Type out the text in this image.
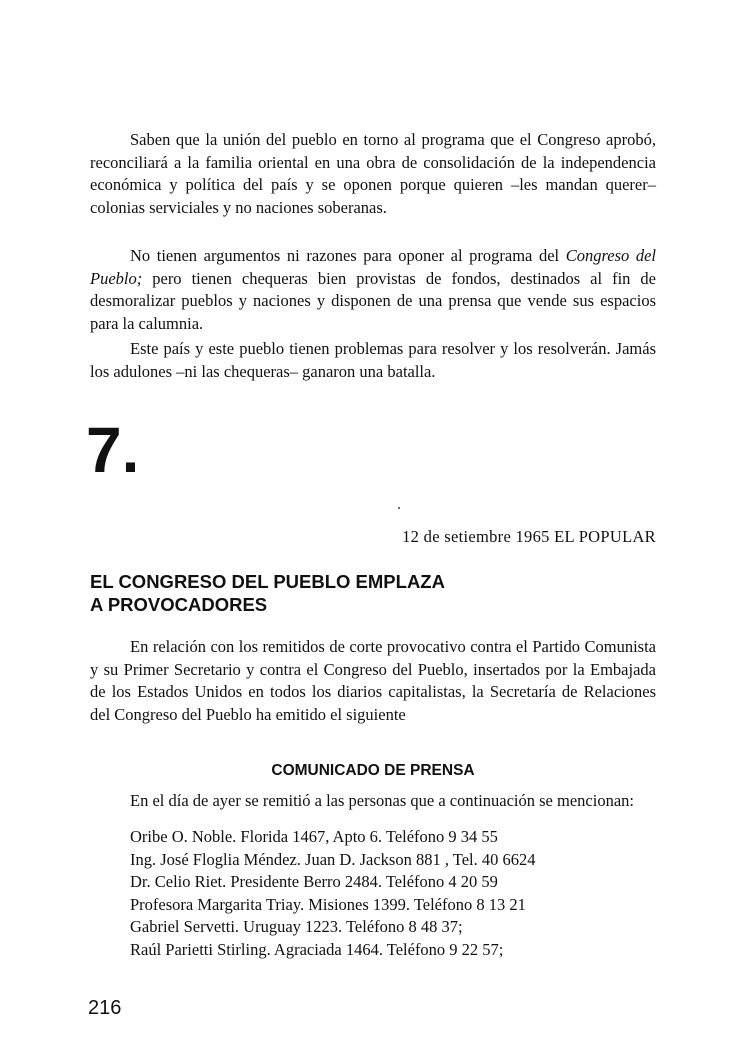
Saben que la unión del pueblo en torno al programa que el Congreso aprobó, reconciliará a la familia oriental en una obra de consolidación de la independencia económica y política del país y se oponen porque quieren –les mandan querer– colonias serviciales y no naciones soberanas.

No tienen argumentos ni razones para oponer al programa del Congreso del Pueblo; pero tienen chequeras bien provistas de fondos, destinados al fin de desmoralizar pueblos y naciones y disponen de una prensa que vende sus espacios para la calumnia.

Este país y este pueblo tienen problemas para resolver y los resolverán. Jamás los adulones –ni las chequeras– ganaron una batalla.

7.

12 de setiembre 1965 EL POPULAR

EL CONGRESO DEL PUEBLO EMPLAZA
A PROVOCADORES

En relación con los remitidos de corte provocativo contra el Partido Comunista y su Primer Secretario y contra el Congreso del Pueblo, insertados por la Embajada de los Estados Unidos en todos los diarios capitalistas, la Secretaría de Relaciones del Congreso del Pueblo ha emitido el siguiente

COMUNICADO DE PRENSA

En el día de ayer se remitió a las personas que a continuación se mencionan:

Oribe O. Noble. Florida 1467, Apto 6. Teléfono 9 34 55
Ing. José Floglia Méndez. Juan D. Jackson 881 , Tel. 40 6624
Dr. Celio Riet. Presidente Berro 2484. Teléfono 4 20 59
Profesora Margarita Triay. Misiones 1399. Teléfono 8 13 21
Gabriel Servetti. Uruguay 1223. Teléfono 8 48 37;
Raúl Parietti Stirling. Agraciada 1464. Teléfono 9 22 57;

216
